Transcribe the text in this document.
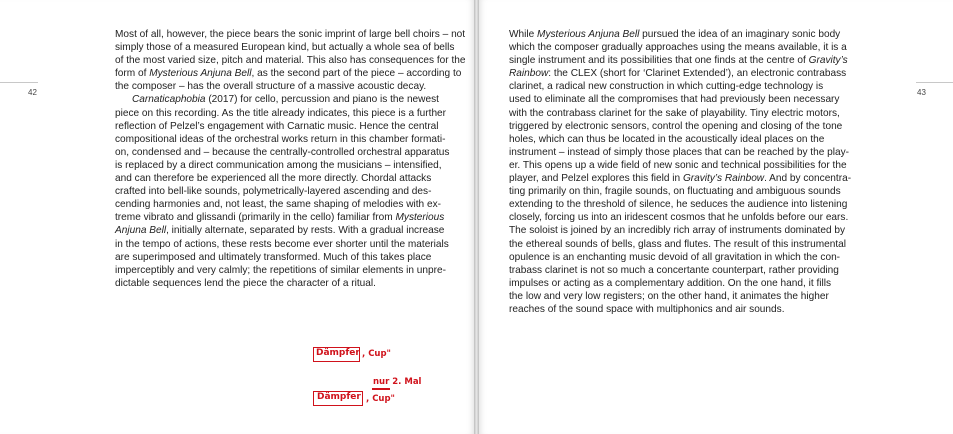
42	43
Most of all, however, the piece bears the sonic imprint of large bell choirs – not
simply those of a measured European kind, but actually a whole sea of bells
of the most varied size, pitch and material. This also has consequences for the
form of Mysterious Anjuna Bell, as the second part of the piece – according to
the composer – has the overall structure of a massive acoustic decay.
Carnaticaphobia (2017) for cello, percussion and piano is the newest
piece on this recording. As the title already indicates, this piece is a further
reflection of Pelzel’s engagement with Carnatic music. Hence the central
compositional ideas of the orchestral works return in this chamber formati-
on, condensed and – because the centrally-controlled orchestral apparatus
is replaced by a direct communication among the musicians – intensified,
and can therefore be experienced all the more directly. Chordal attacks
crafted into bell-like sounds, polymetrically-layered ascending and des-
cending harmonies and, not least, the same shaping of melodies with ex-
treme vibrato and glissandi (primarily in the cello) familiar from Mysterious
Anjuna Bell, initially alternate, separated by rests. With a gradual increase
in the tempo of actions, these rests become ever shorter until the materials
are superimposed and ultimately transformed. Much of this takes place
imperceptibly and very calmly; the repetitions of similar elements in unpre-
dictable sequences lend the piece the character of a ritual.
While Mysterious Anjuna Bell pursued the idea of an imaginary sonic body
which the composer gradually approaches using the means available, it is a
single instrument and its possibilities that one finds at the centre of Gravity’s
Rainbow: the CLEX (short for ‘Clarinet Extended’), an electronic contrabass
clarinet, a radical new construction in which cutting-edge technology is
used to eliminate all the compromises that had previously been necessary
with the contrabass clarinet for the sake of playability. Tiny electric motors,
triggered by electronic sensors, control the opening and closing of the tone
holes, which can thus be located in the acoustically ideal places on the
instrument – instead of simply those places that can be reached by the play-
er. This opens up a wide field of new sonic and technical possibilities for the
player, and Pelzel explores this field in Gravity’s Rainbow. And by concentra-
ting primarily on thin, fragile sounds, on fluctuating and ambiguous sounds
extending to the threshold of silence, he seduces the audience into listening
closely, forcing us into an iridescent cosmos that he unfolds before our ears.
The soloist is joined by an incredibly rich array of instruments dominated by
the ethereal sounds of bells, glass and flutes. The result of this instrumental
opulence is an enchanting music devoid of all gravitation in which the con-
trabass clarinet is not so much a concertante counterpart, rather providing
impulses or acting as a complementary addition. On the one hand, it fills
the low and very low registers; on the other hand, it animates the higher
reaches of the sound space with multiphonics and air sounds.
Dämpfer , Cup"
nur 2. Mal
Dämpfer , Cup"
